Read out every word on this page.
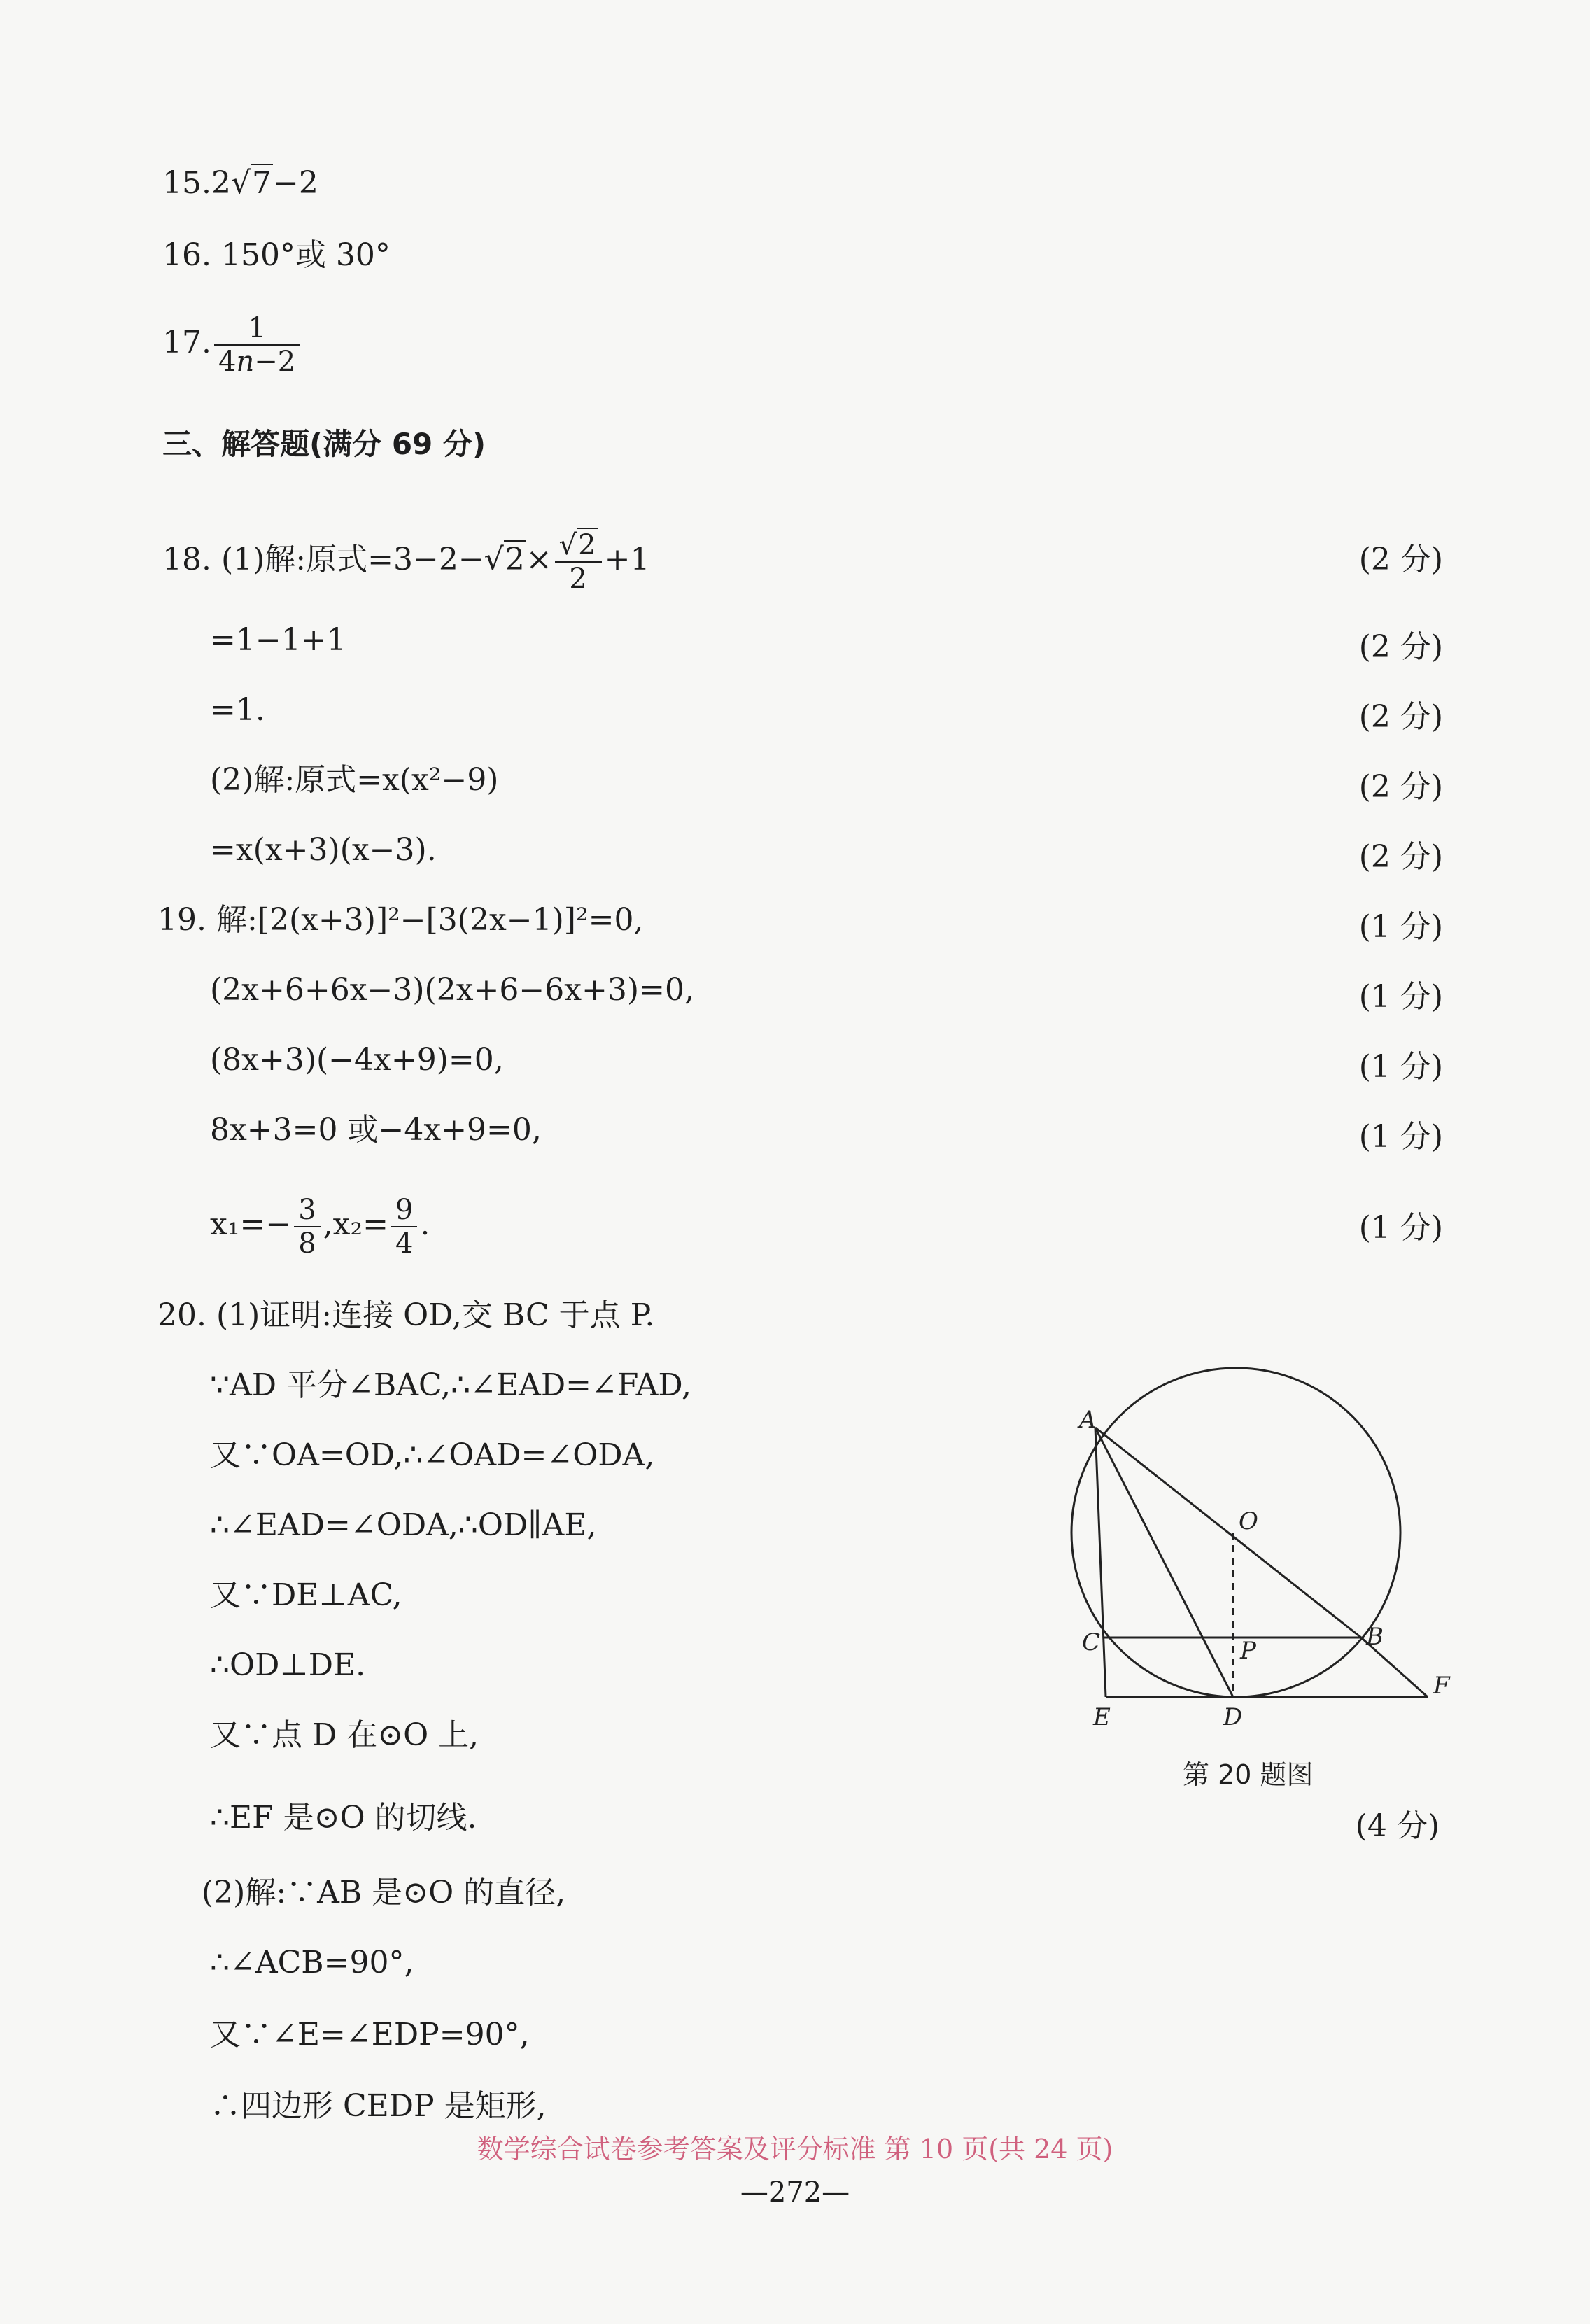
15.2√7−2
16. 150°或 30°
17. $\frac{1}{4n-2}$
三、解答题(满分 69 分)
18. (1)解:原式$=3-2-√2\times \frac{√2}{2} +1$	(2 分)
=1−1+1	(2 分)
=1.	(2 分)
(2)解:原式=x(x²−9)	(2 分)
=x(x+3)(x−3).	(2 分)
19. 解:[2(x+3)]²−[3(2x−1)]²=0,	(1 分)
(2x+6+6x−3)(2x+6−6x+3)=0,	(1 分)
(8x+3)(−4x+9)=0,	(1 分)
8x+3=0 或−4x+9=0,	(1 分)
$x_1=- \frac{3}{8} ,x_2= \frac{9}{4}$ .	(1 分)
20. (1)证明:连接 OD,交 BC 于点 P.
∵AD 平分∠BAC,∴∠EAD=∠FAD,
又∵OA=OD,∴∠OAD=∠ODA,
∴∠EAD=∠ODA,∴OD∥AE,
又∵DE⊥AC,
∴OD⊥DE.
又∵点 D 在⊙O 上,
∴EF 是⊙O 的切线.	(4 分)
(2)解:∵AB 是⊙O 的直径,
∴∠ACB=90°,
又∵∠E=∠EDP=90°,
∴四边形 CEDP 是矩形,
A
O
B
C	P
E	D
F
第 20 题图
数学综合试卷参考答案及评分标准 第 10 页(共 24 页)
—272—
